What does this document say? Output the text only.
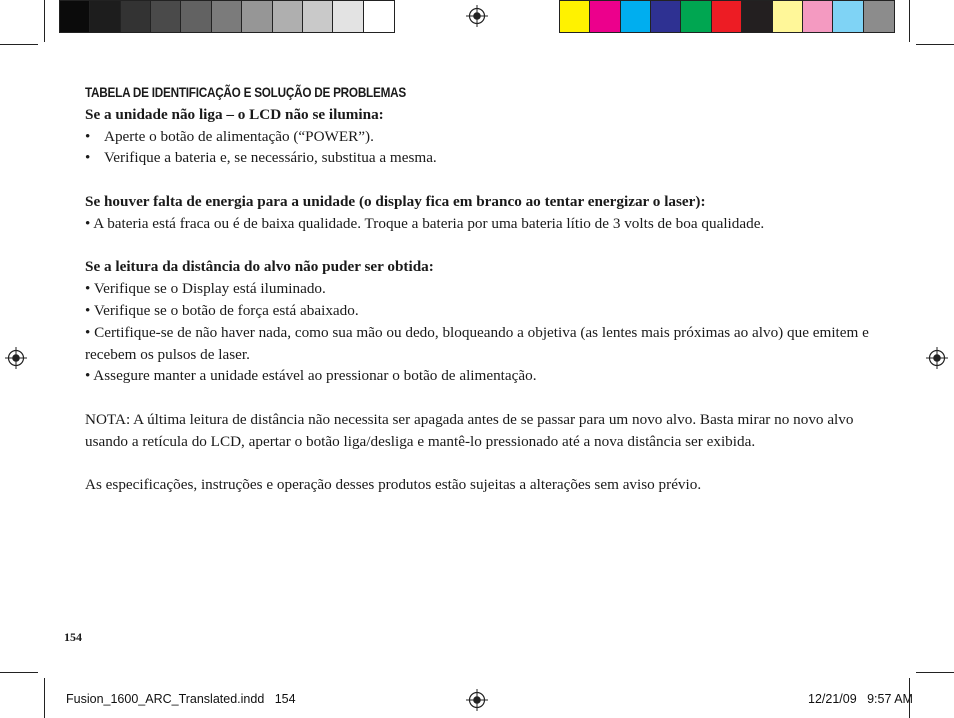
TABELA DE IDENTIFICAÇÃO E SOLUÇÃO DE PROBLEMAS

Se a unidade não liga – o LCD não se ilumina:

• Aperte o botão de alimentação (“POWER”).
• Verifique a bateria e, se necessário, substitua a mesma.

Se houver falta de energia para a unidade (o display fica em branco ao tentar energizar o laser):

• A bateria está fraca ou é de baixa qualidade. Troque a bateria por uma bateria lítio de 3 volts de boa qualidade.

Se a leitura da distância do alvo não puder ser obtida:

• Verifique se o Display está iluminado.

• Verifique se o botão de força está abaixado.

• Certifique-se de não haver nada, como sua mão ou dedo, bloqueando a objetiva (as lentes mais próximas ao alvo) que emitem e recebem os pulsos de laser.

• Assegure manter a unidade estável ao pressionar o botão de alimentação.

NOTA: A última leitura de distância não necessita ser apagada antes de se passar para um novo alvo. Basta mirar no novo alvo usando a retícula do LCD, apertar o botão liga/desliga e mantê-lo pressionado até a nova distância ser exibida.

As especificações, instruções e operação desses produtos estão sujeitas a alterações sem aviso prévio.

154
Fusion_1600_ARC_Translated.indd   154	12/21/09   9:57 AM
